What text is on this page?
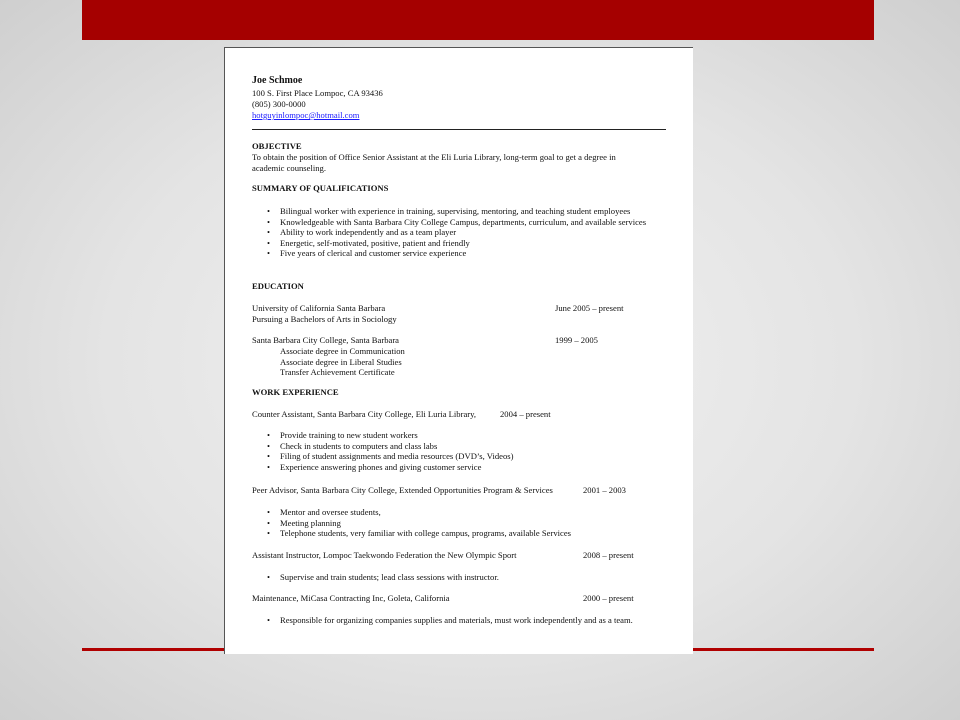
Joe Schmoe
100 S. First Place Lompoc, CA 93436
(805) 300-0000
hotguyinlompoc@hotmail.com
OBJECTIVE
To obtain the position of Office Senior Assistant at the Eli Luria Library, long-term goal to get a degree in
academic counseling.
SUMMARY OF QUALIFICATIONS
• Bilingual worker with experience in training, supervising, mentoring, and teaching student employees
• Knowledgeable with Santa Barbara City College Campus, departments, curriculum, and available services
• Ability to work independently and as a team player
• Energetic, self-motivated, positive, patient and friendly
• Five years of clerical and customer service experience
EDUCATION
University of California Santa Barbara	June 2005 – present
Pursuing a Bachelors of Arts in Sociology
Santa Barbara City College, Santa Barbara	1999 – 2005
Associate degree in Communication
Associate degree in Liberal Studies
Transfer Achievement Certificate
WORK EXPERIENCE
Counter Assistant, Santa Barbara City College, Eli Luria Library,	2004 – present
• Provide training to new student workers
• Check in students to computers and class labs
• Filing of student assignments and media resources (DVD’s, Videos)
• Experience answering phones and giving customer service
Peer Advisor, Santa Barbara City College, Extended Opportunities Program & Services	2001 – 2003
• Mentor and oversee students,
• Meeting planning
• Telephone students, very familiar with college campus, programs, available Services
Assistant Instructor, Lompoc Taekwondo Federation the New Olympic Sport	2008 – present
• Supervise and train students; lead class sessions with instructor.
Maintenance, MiCasa Contracting Inc, Goleta, California	2000 – present
• Responsible for organizing companies supplies and materials, must work independently and as a team.
